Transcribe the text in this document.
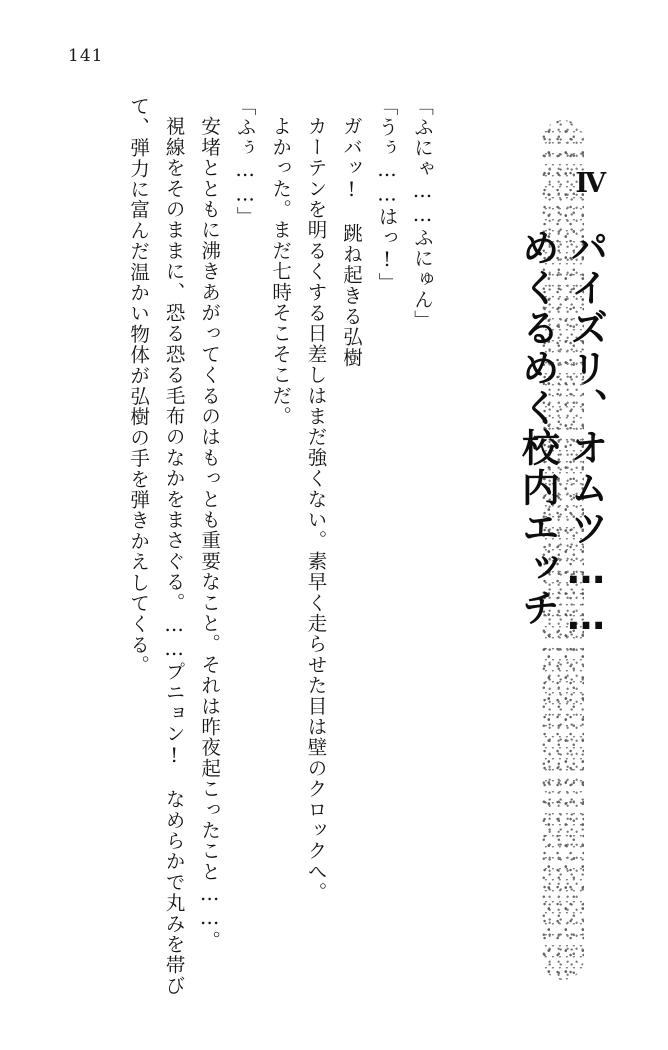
141

「ふにゃ……ふにゅん」

「うぅ……はっ!」

ガバッ!　跳ね起きる弘樹

カーテンを明るくする日差しはまだ強くない。素早く走らせた目は壁のクロックへ。

よかった。まだ七時そこそこだ。

「ふぅ……」

安堵とともに沸きあがってくるのはもっとも重要なこと。それは昨夜起こったこと……。

視線をそのままに、恐る恐る毛布のなかをまさぐる。……プニョン!　なめらかで丸みを帯びて、弾力に富んだ温かい物体が弘樹の手を弾きかえしてくる。	Ⅳ
パイズリ、オムツ……
めくるめく校内エッチ
